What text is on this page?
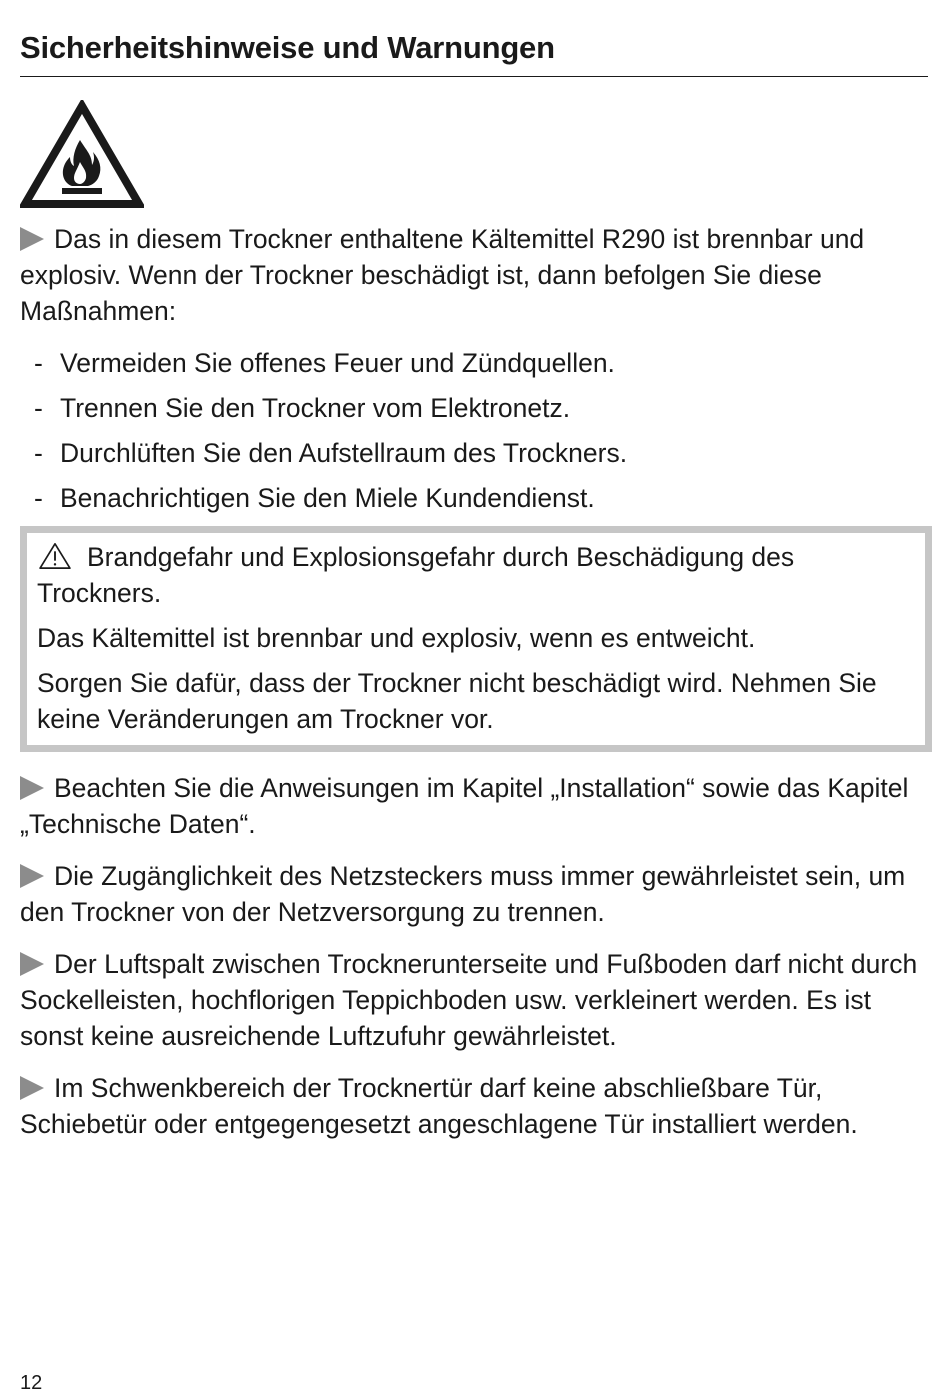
Sicherheitshinweise und Warnungen

Das in diesem Trockner enthaltene Kältemittel R290 ist brennbar und explosiv. Wenn der Trockner beschädigt ist, dann befolgen Sie diese Maßnahmen:

- Vermeiden Sie offenes Feuer und Zündquellen.
- Trennen Sie den Trockner vom Elektronetz.
- Durchlüften Sie den Aufstellraum des Trockners.
- Benachrichtigen Sie den Miele Kundendienst.

Brandgefahr und Explosionsgefahr durch Beschädigung des Trockners.

Das Kältemittel ist brennbar und explosiv, wenn es entweicht.

Sorgen Sie dafür, dass der Trockner nicht beschädigt wird. Nehmen Sie keine Veränderungen am Trockner vor.

Beachten Sie die Anweisungen im Kapitel „Installation“ sowie das Kapitel „Technische Daten“.

Die Zugänglichkeit des Netzsteckers muss immer gewährleistet sein, um den Trockner von der Netzversorgung zu trennen.

Der Luftspalt zwischen Trocknerunterseite und Fußboden darf nicht durch Sockelleisten, hochflorigen Teppichboden usw. verkleinert werden. Es ist sonst keine ausreichende Luftzufuhr gewährleistet.

Im Schwenkbereich der Trocknertür darf keine abschließbare Tür, Schiebetür oder entgegengesetzt angeschlagene Tür installiert werden.

12
